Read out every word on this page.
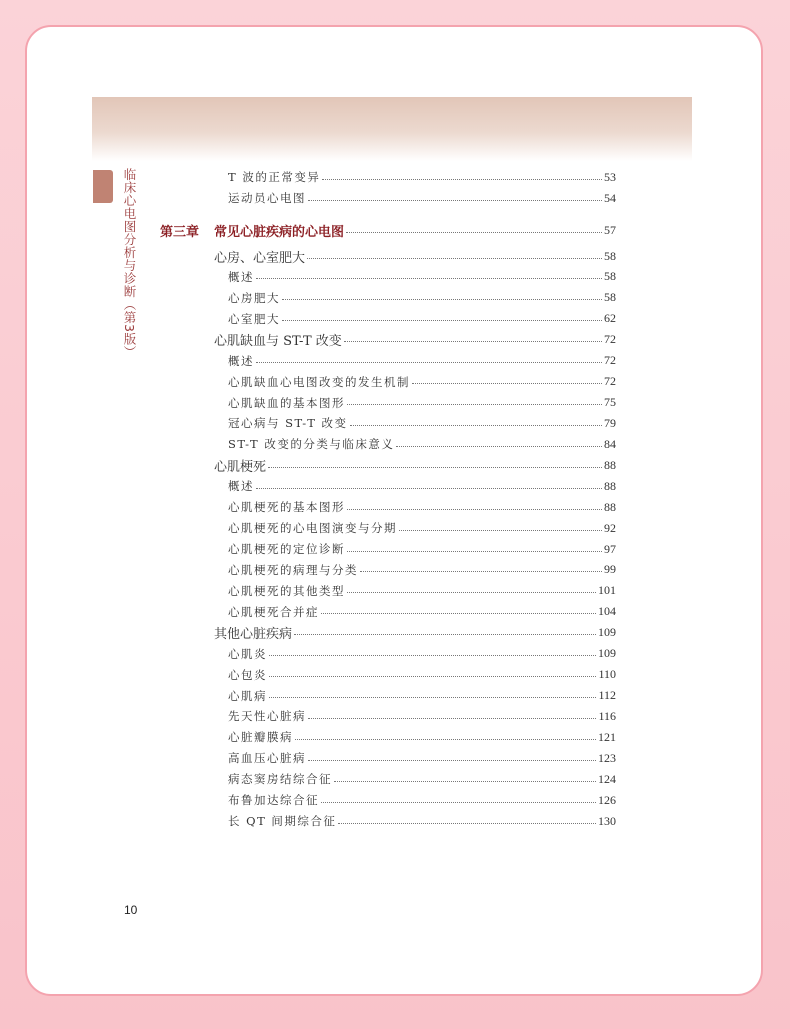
临床心电图分析与诊断（第3版）	T 波的正常变异	53
运动员心电图	54
第三章	常见心脏疾病的心电图	57
心房、心室肥大	58
概述	58
心房肥大	58
心室肥大	62
心肌缺血与 ST-T 改变	72
概述	72
心肌缺血心电图改变的发生机制	72
心肌缺血的基本图形	75
冠心病与 ST-T 改变	79
ST-T 改变的分类与临床意义	84
心肌梗死	88
概述	88
心肌梗死的基本图形	88
心肌梗死的心电图演变与分期	92
心肌梗死的定位诊断	97
心肌梗死的病理与分类	99
心肌梗死的其他类型	101
心肌梗死合并症	104
其他心脏疾病	109
心肌炎	109
心包炎	110
心肌病	112
先天性心脏病	116
心脏瓣膜病	121
高血压心脏病	123
病态窦房结综合征	124
布鲁加达综合征	126
长 QT 间期综合征	130
10
